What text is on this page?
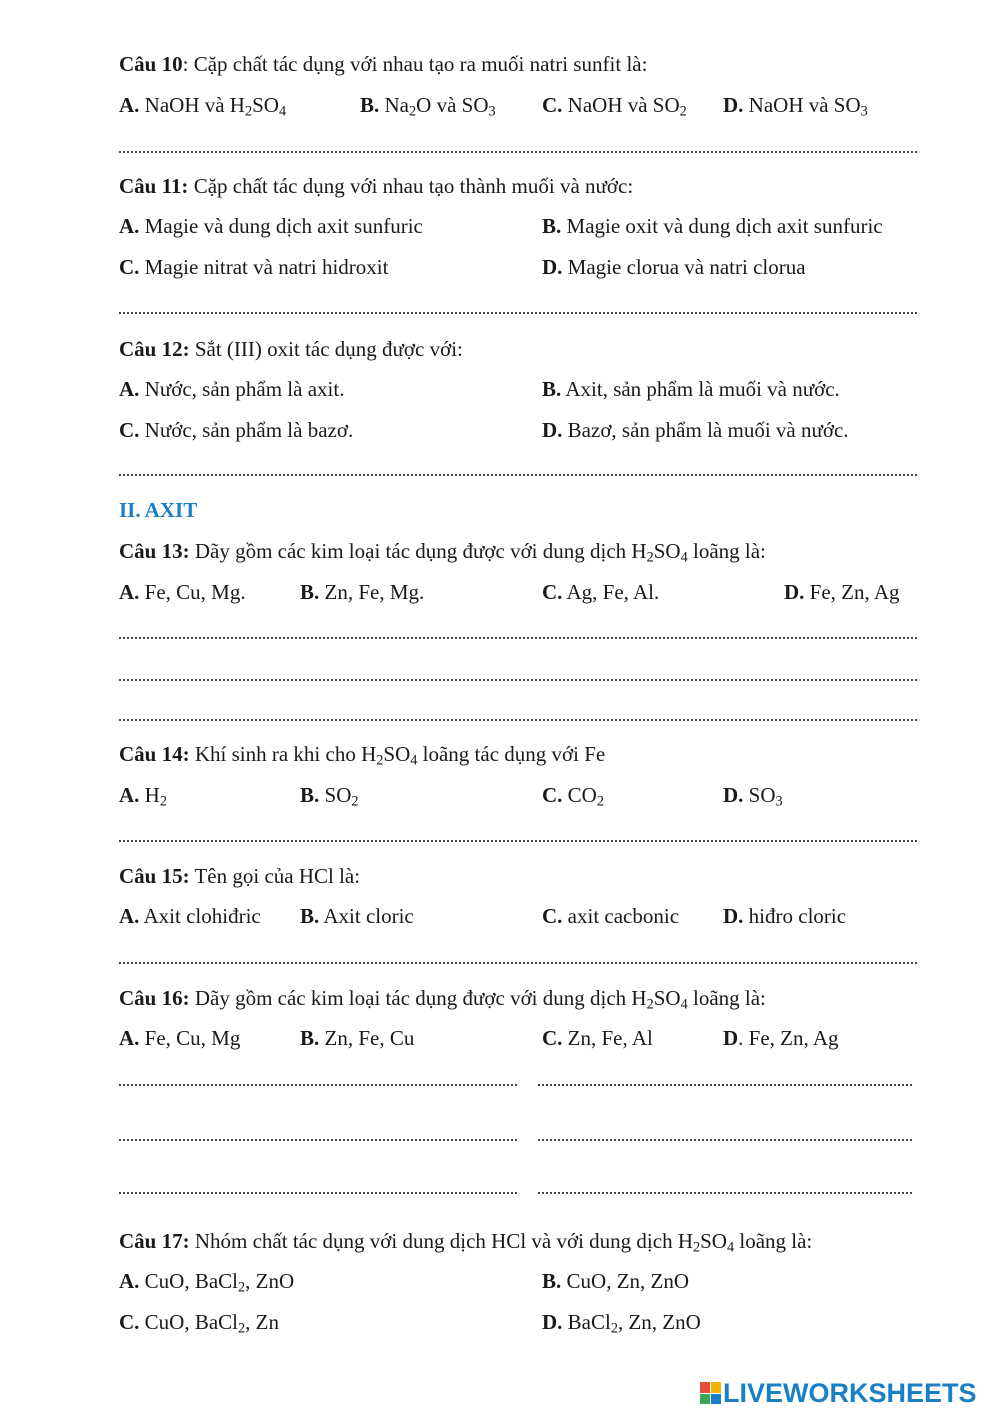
Câu 10: Cặp chất tác dụng với nhau tạo ra muối natri sunfit là:
A. NaOH và $H_2SO_4$	B. $Na_2O$ và $SO_3$ C. NaOH và $SO_2$ D. NaOH và $SO_3$
Câu 11: Cặp chất tác dụng với nhau tạo thành muối và nước:
A. Magie và dung dịch axit sunfuric	B. Magie oxit và dung dịch axit sunfuric
C. Magie nitrat và natri hidroxit	D. Magie clorua và natri clorua
Câu 12: Sắt (III) oxit tác dụng được với:
A. Nước, sản phẩm là axit.	B. Axit, sản phẩm là muối và nước.
C. Nước, sản phẩm là bazơ.	D. Bazơ, sản phẩm là muối và nước.
II. AXIT
Câu 13: Dãy gồm các kim loại tác dụng được với dung dịch $H_2SO_4$ loãng là:
A. Fe, Cu, Mg.	B. Zn, Fe, Mg.	C. Ag, Fe, Al.	D. Fe, Zn, Ag
Câu 14: Khí sinh ra khi cho $H_2SO_4$ loãng tác dụng với Fe
A. $H_2$	B. $SO_2$	C. $CO_2$	D. $SO_3$
Câu 15: Tên gọi của HCl là:
A. Axit clohiđric B. Axit cloric	C. axit cacbonic D. hiđro cloric
Câu 16: Dãy gồm các kim loại tác dụng được với dung dịch $H_2SO_4$ loãng là:
A. Fe, Cu, Mg	B. Zn, Fe, Cu	C. Zn, Fe, Al	D. Fe, Zn, Ag
Câu 17: Nhóm chất tác dụng với dung dịch HCl và với dung dịch $H_2SO_4$ loãng là:
A. CuO, BaCl$_2$, ZnO	B. CuO, Zn, ZnO
C. CuO, BaCl$_2$, Zn	D. BaCl$_2$, Zn, ZnO
LIVEWORKSHEETS
